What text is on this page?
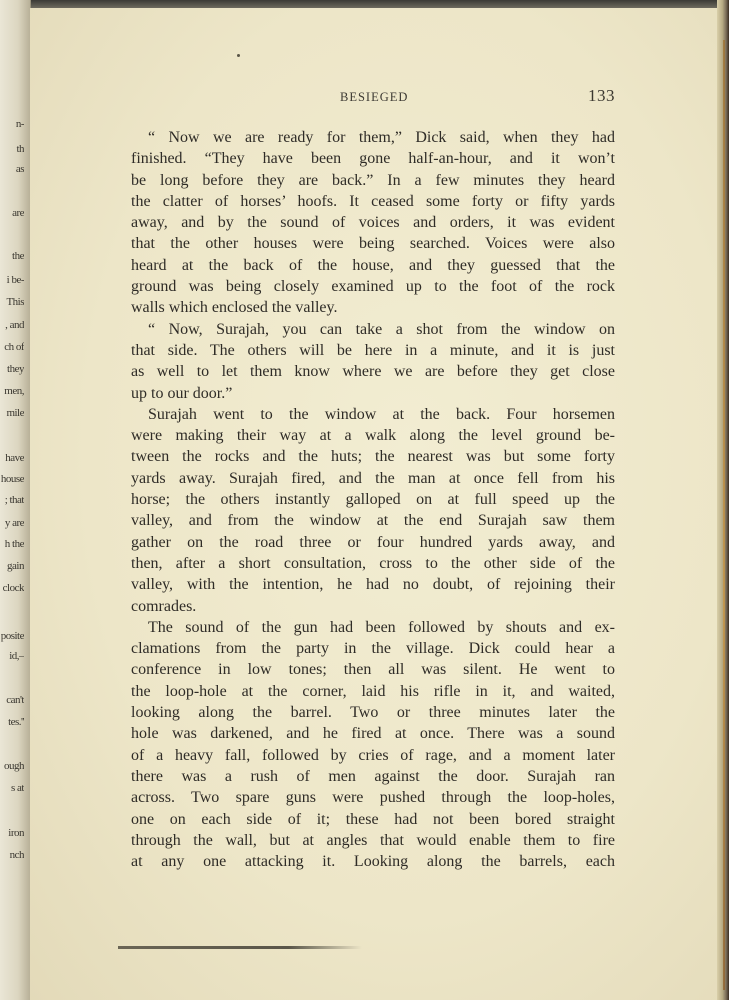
n-
th
as
are
the
i be-
This
, and
ch of
they
men,
mile
have
house
; that
y are
h the
gain
clock
posite
id,–
can't
tes.''
ough
s at
iron
nch
BESIEGED	133
“ Now we are ready for them,” Dick said, when they had
finished. “They have been gone half-an-hour, and it won’t
be long before they are back.” In a few minutes they heard
the clatter of horses’ hoofs. It ceased some forty or fifty yards
away, and by the sound of voices and orders, it was evident
that the other houses were being searched. Voices were also
heard at the back of the house, and they guessed that the
ground was being closely examined up to the foot of the rock
walls which enclosed the valley.
“ Now, Surajah, you can take a shot from the window on
that side. The others will be here in a minute, and it is just
as well to let them know where we are before they get close
up to our door.”
Surajah went to the window at the back. Four horsemen
were making their way at a walk along the level ground be-
tween the rocks and the huts; the nearest was but some forty
yards away. Surajah fired, and the man at once fell from his
horse; the others instantly galloped on at full speed up the
valley, and from the window at the end Surajah saw them
gather on the road three or four hundred yards away, and
then, after a short consultation, cross to the other side of the
valley, with the intention, he had no doubt, of rejoining their
comrades.
The sound of the gun had been followed by shouts and ex-
clamations from the party in the village. Dick could hear a
conference in low tones; then all was silent. He went to
the loop-hole at the corner, laid his rifle in it, and waited,
looking along the barrel. Two or three minutes later the
hole was darkened, and he fired at once. There was a sound
of a heavy fall, followed by cries of rage, and a moment later
there was a rush of men against the door. Surajah ran
across. Two spare guns were pushed through the loop-holes,
one on each side of it; these had not been bored straight
through the wall, but at angles that would enable them to fire
at any one attacking it. Looking along the barrels, each
